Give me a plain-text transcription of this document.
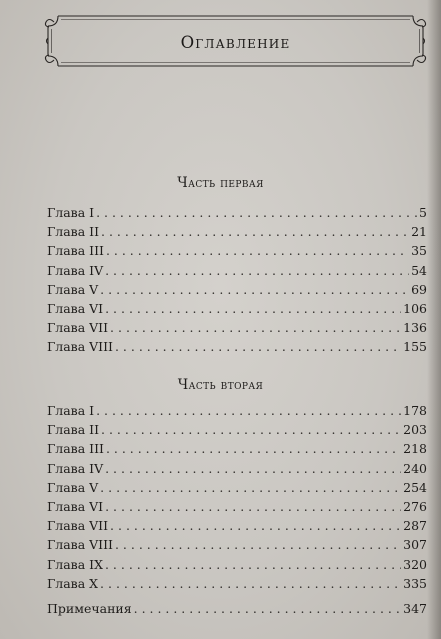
Оглавление
Часть первая
Глава I . . .	5
Глава II . . .	21
Глава III . . .	35
Глава IV . . .	54
Глава V . . .	69
Глава VI . . .	106
Глава VII . . .	136
Глава VIII . . .	155
Часть вторая
Глава I . . .	178
Глава II . . .	203
Глава III . . .	218
Глава IV . . .	240
Глава V . . .	254
Глава VI . . .	276
Глава VII . . .	287
Глава VIII . . .	307
Глава IX . . .	320
Глава X . . .	335
Примечания . . .	347
